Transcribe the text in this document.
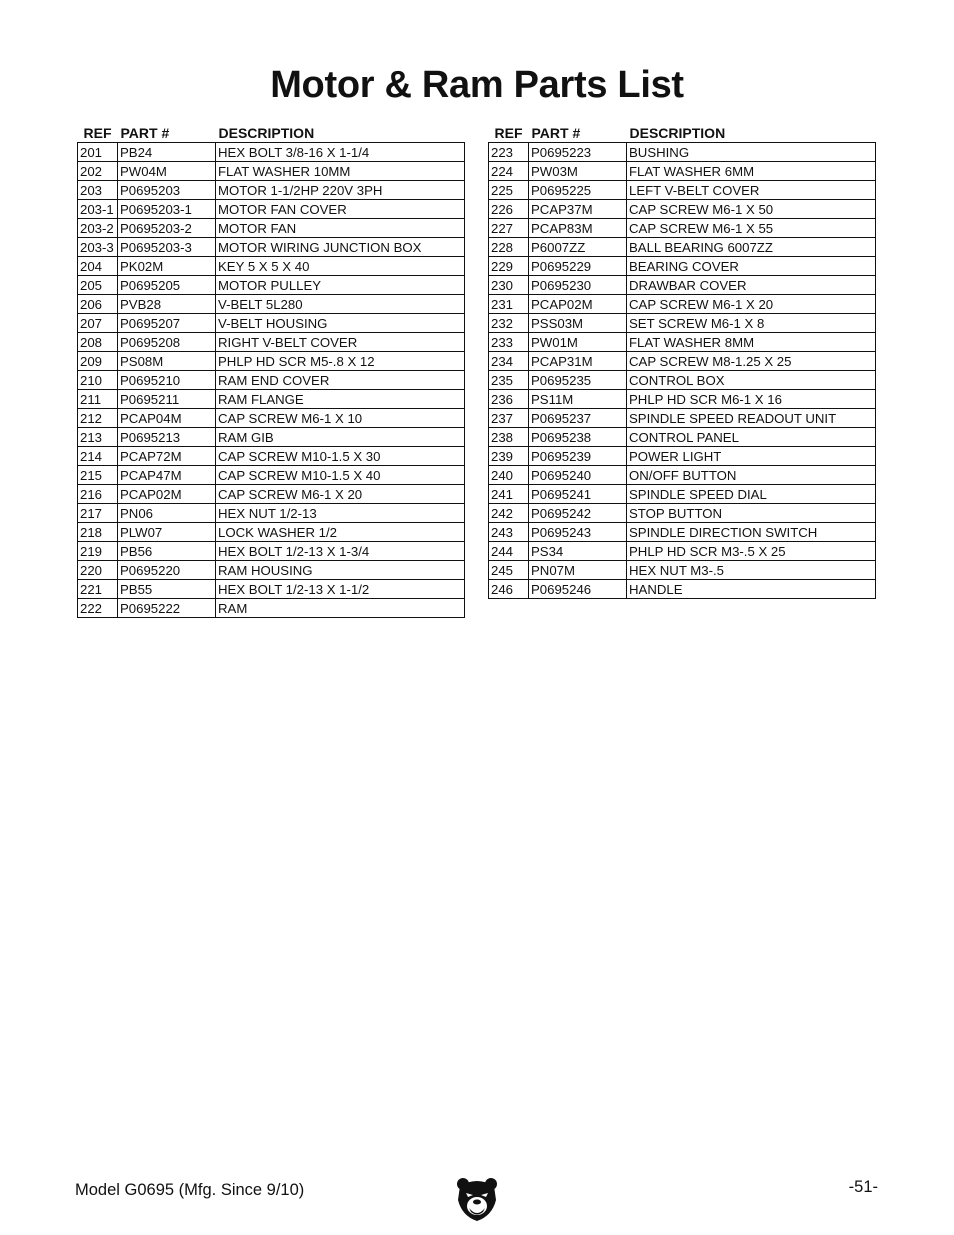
Motor & Ram Parts List
REF	PART #	DESCRIPTION
201	PB24	HEX BOLT 3/8-16 X 1-1/4
202	PW04M	FLAT WASHER 10MM
203	P0695203	MOTOR 1-1/2HP 220V 3PH
203-1	P0695203-1	MOTOR FAN COVER
203-2	P0695203-2	MOTOR FAN
203-3	P0695203-3	MOTOR WIRING JUNCTION BOX
204	PK02M	KEY 5 X 5 X 40
205	P0695205	MOTOR PULLEY
206	PVB28	V-BELT 5L280
207	P0695207	V-BELT HOUSING
208	P0695208	RIGHT V-BELT COVER
209	PS08M	PHLP HD SCR M5-.8 X 12
210	P0695210	RAM END COVER
211	P0695211	RAM FLANGE
212	PCAP04M	CAP SCREW M6-1 X 10
213	P0695213	RAM GIB
214	PCAP72M	CAP SCREW M10-1.5 X 30
215	PCAP47M	CAP SCREW M10-1.5 X 40
216	PCAP02M	CAP SCREW M6-1 X 20
217	PN06	HEX NUT 1/2-13
218	PLW07	LOCK WASHER 1/2
219	PB56	HEX BOLT 1/2-13 X 1-3/4
220	P0695220	RAM HOUSING
221	PB55	HEX BOLT 1/2-13 X 1-1/2
222	P0695222	RAM
REF	PART #	DESCRIPTION
223	P0695223	BUSHING
224	PW03M	FLAT WASHER 6MM
225	P0695225	LEFT V-BELT COVER
226	PCAP37M	CAP SCREW M6-1 X 50
227	PCAP83M	CAP SCREW M6-1 X 55
228	P6007ZZ	BALL BEARING 6007ZZ
229	P0695229	BEARING COVER
230	P0695230	DRAWBAR COVER
231	PCAP02M	CAP SCREW M6-1 X 20
232	PSS03M	SET SCREW M6-1 X 8
233	PW01M	FLAT WASHER 8MM
234	PCAP31M	CAP SCREW M8-1.25 X 25
235	P0695235	CONTROL BOX
236	PS11M	PHLP HD SCR M6-1 X 16
237	P0695237	SPINDLE SPEED READOUT UNIT
238	P0695238	CONTROL PANEL
239	P0695239	POWER LIGHT
240	P0695240	ON/OFF BUTTON
241	P0695241	SPINDLE SPEED DIAL
242	P0695242	STOP BUTTON
243	P0695243	SPINDLE DIRECTION SWITCH
244	PS34	PHLP HD SCR M3-.5 X 25
245	PN07M	HEX NUT M3-.5
246	P0695246	HANDLE
Model G0695 (Mfg. Since 9/10)	-51-
